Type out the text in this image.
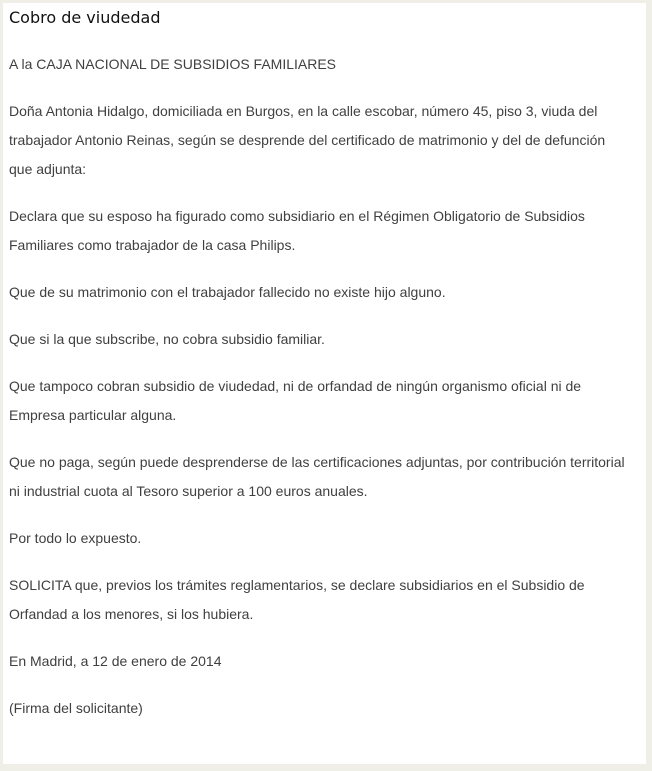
Cobro de viudedad

A la CAJA NACIONAL DE SUBSIDIOS FAMILIARES

Doña Antonia Hidalgo, domiciliada en Burgos, en la calle escobar, número 45, piso 3, viuda del
trabajador Antonio Reinas, según se desprende del certificado de matrimonio y del de defunción
que adjunta:

Declara que su esposo ha figurado como subsidiario en el Régimen Obligatorio de Subsidios
Familiares como trabajador de la casa Philips.

Que de su matrimonio con el trabajador fallecido no existe hijo alguno.

Que si la que subscribe, no cobra subsidio familiar.

Que tampoco cobran subsidio de viudedad, ni de orfandad de ningún organismo oficial ni de
Empresa particular alguna.

Que no paga, según puede desprenderse de las certificaciones adjuntas, por contribución territorial
ni industrial cuota al Tesoro superior a 100 euros anuales.

Por todo lo expuesto.

SOLICITA que, previos los trámites reglamentarios, se declare subsidiarios en el Subsidio de
Orfandad a los menores, si los hubiera.

En Madrid, a 12 de enero de 2014

(Firma del solicitante)
